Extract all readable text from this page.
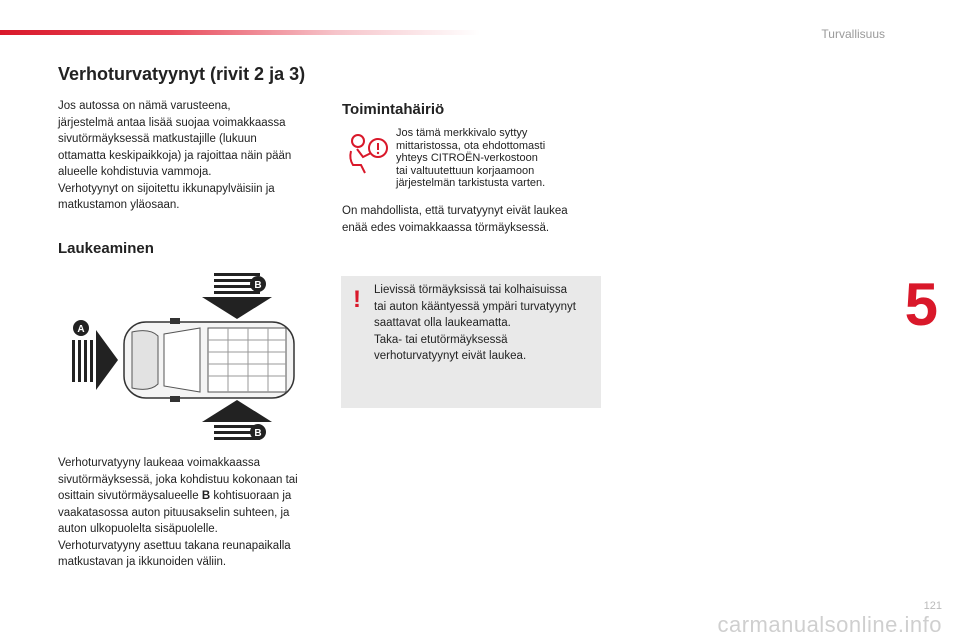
Turvallisuus
5
Verhoturvatyynyt (rivit 2 ja 3)

Jos autossa on nämä varusteena,
järjestelmä antaa lisää suojaa voimakkaassa
sivutörmäyksessä matkustajille (lukuun
ottamatta keskipaikkoja) ja rajoittaa näin pään
alueelle kohdistuvia vammoja.
Verhotyynyt on sijoitettu ikkunapylväisiin ja
matkustamon yläosaan.

Laukeaminen
B
A
B

Verhoturvatyyny laukeaa voimakkaassa
sivutörmäyksessä, joka kohdistuu kokonaan tai
osittain sivutörmäysalueelle B kohtisuoraan ja
vaakatasossa auton pituusakselin suhteen, ja
auton ulkopuolelta sisäpuolelle.
Verhoturvatyyny asettuu takana reunapaikalla
matkustavan ja ikkunoiden väliin.

Toimintahäiriö

Jos tämä merkkivalo syttyy
mittaristossa, ota ehdottomasti
yhteys CITROËN-verkostoon
tai valtuutettuun korjaamoon
järjestelmän tarkistusta varten.

On mahdollista, että turvatyynyt eivät laukea
enää edes voimakkaassa törmäyksessä.

! Lievissä törmäyksissä tai kolhaisuissa
tai auton kääntyessä ympäri turvatyynyt
saattavat olla laukeamatta.
Taka- tai etutörmäyksessä
verhoturvatyynyt eivät laukea.

carmanualsonline.info
121
